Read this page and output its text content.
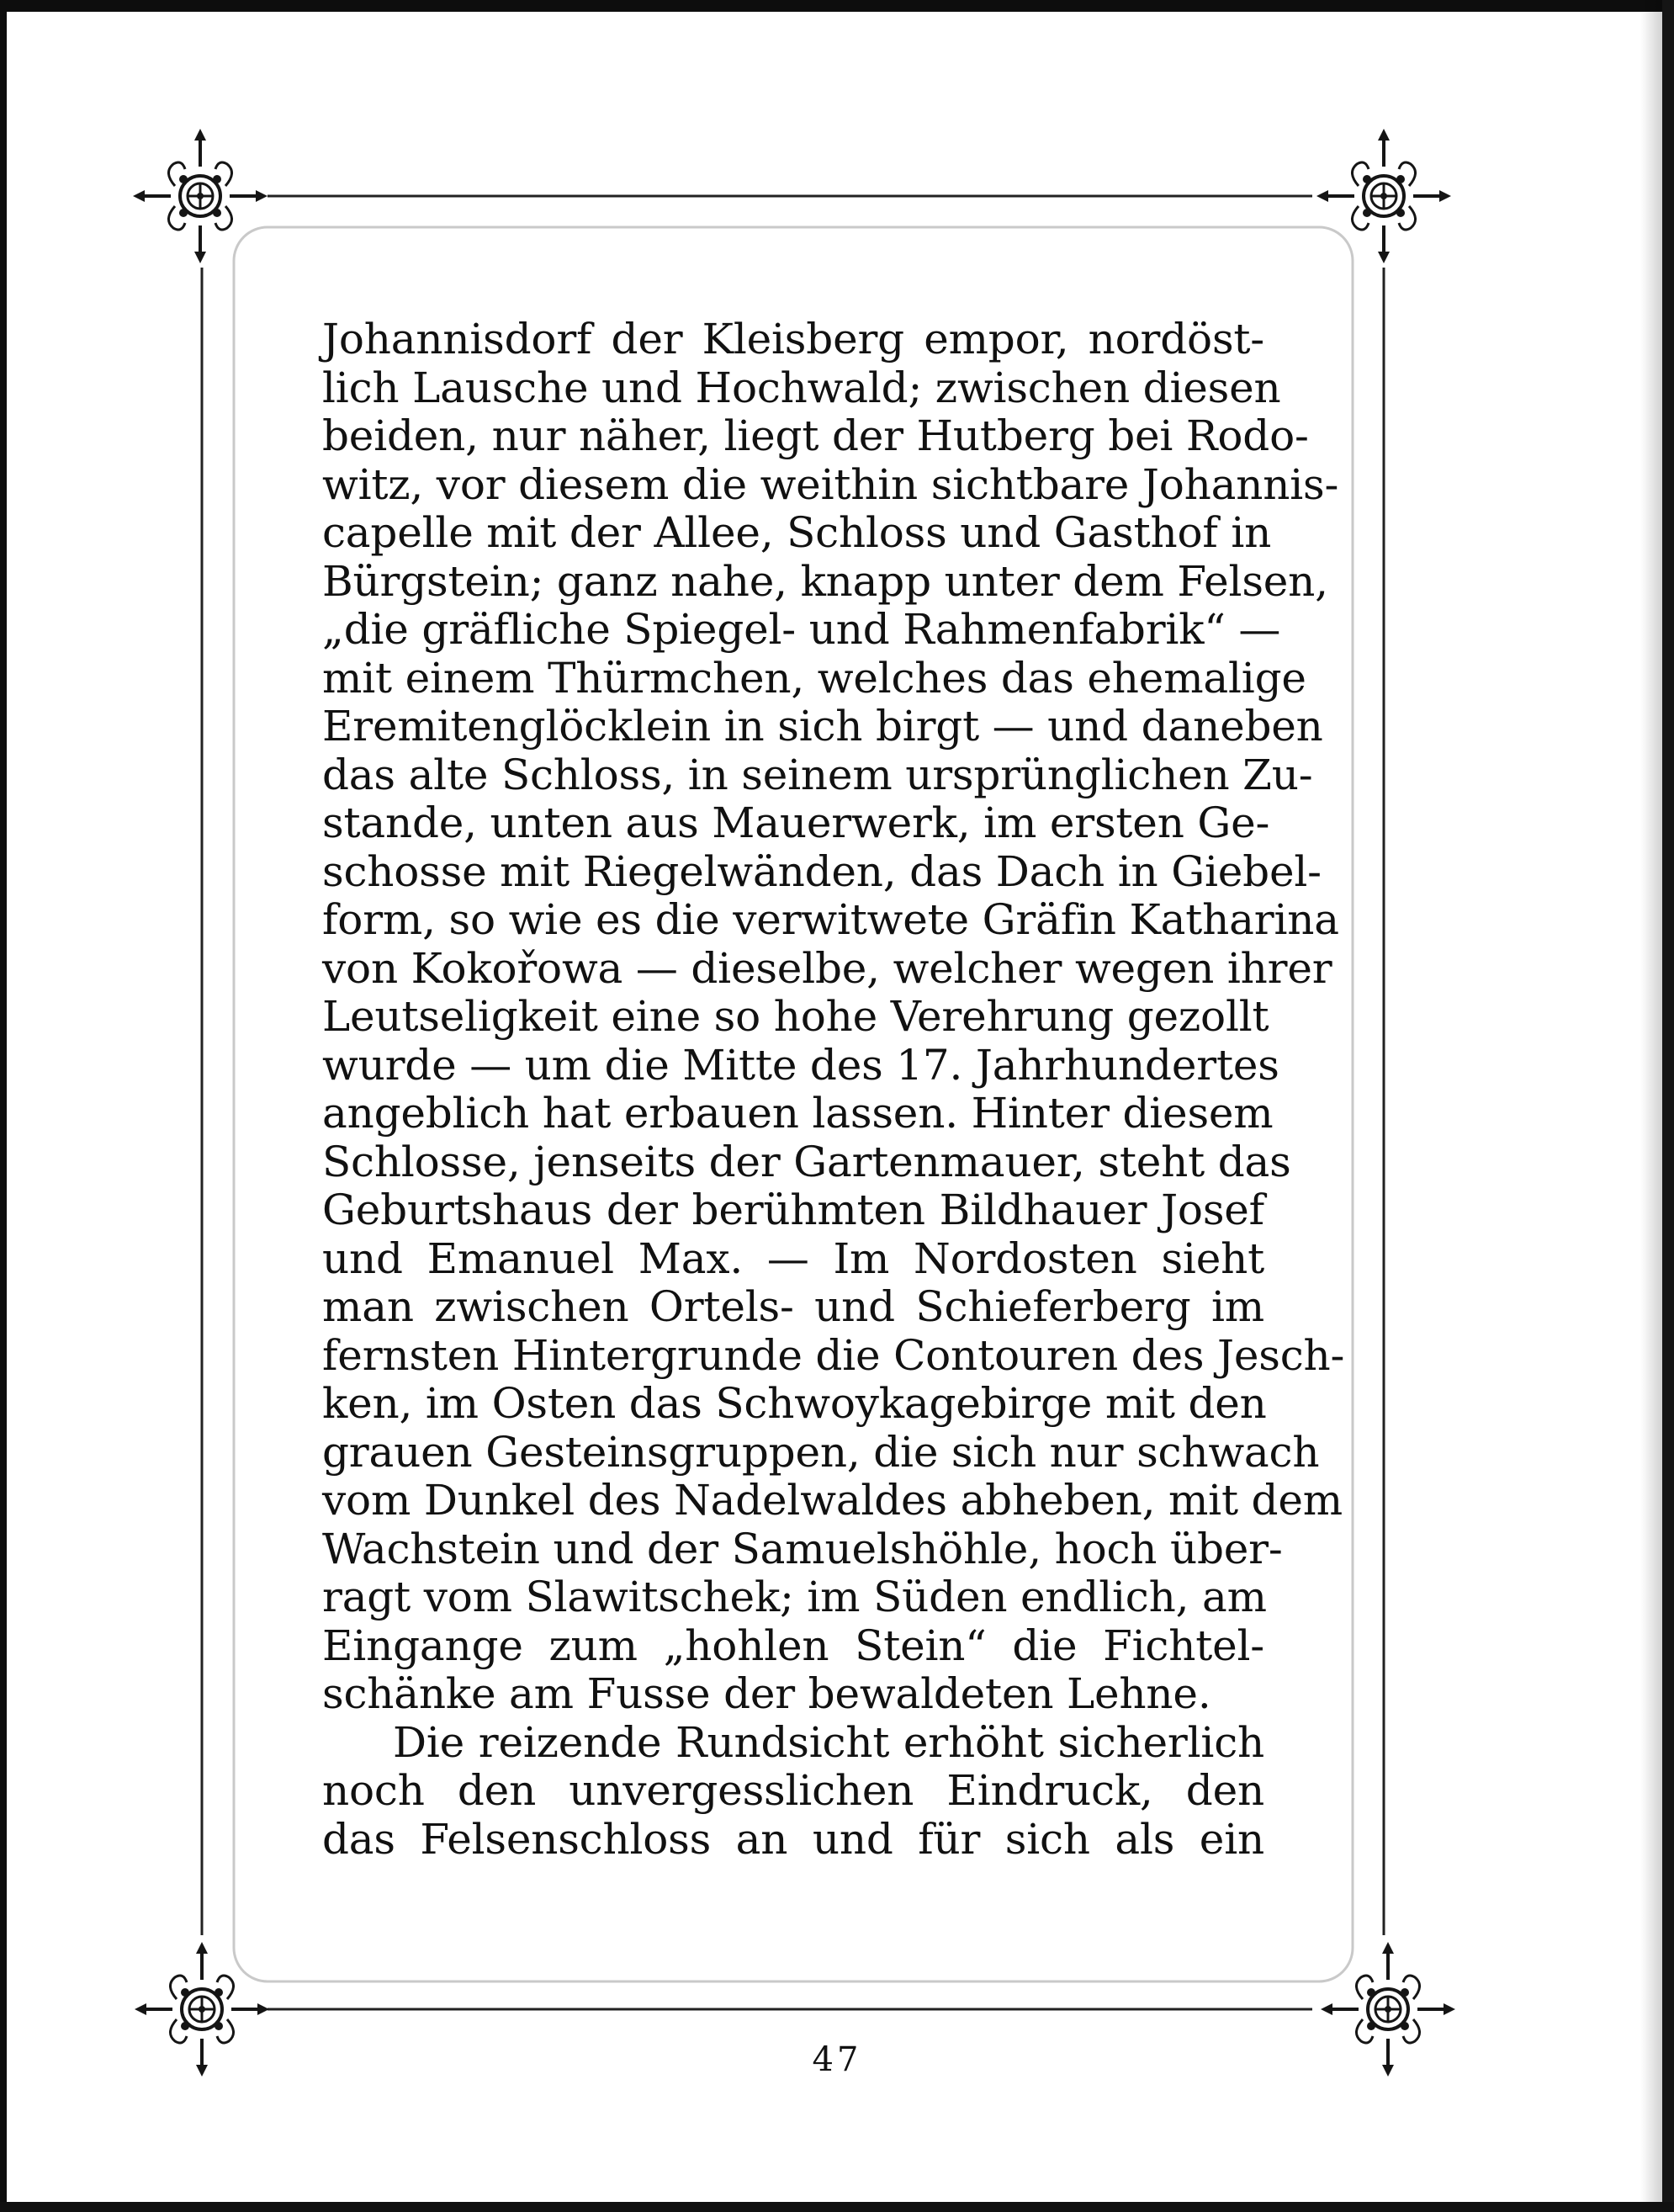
Johannisdorf der Kleisberg empor, nordöst-
lich Lausche und Hochwald; zwischen diesen
beiden, nur näher, liegt der Hutberg bei Rodo-
witz, vor diesem die weithin sichtbare Johannis-
capelle mit der Allee, Schloss und Gasthof in
Bürgstein; ganz nahe, knapp unter dem Felsen,
„die gräfliche Spiegel- und Rahmenfabrik“ —
mit einem Thürmchen, welches das ehemalige
Eremitenglöcklein in sich birgt — und daneben
das alte Schloss, in seinem ursprünglichen Zu-
stande, unten aus Mauerwerk, im ersten Ge-
schosse mit Riegelwänden, das Dach in Giebel-
form, so wie es die verwitwete Gräfin Katharina
von Kokořowa — dieselbe, welcher wegen ihrer
Leutseligkeit eine so hohe Verehrung gezollt
wurde — um die Mitte des 17. Jahrhundertes
angeblich hat erbauen lassen. Hinter diesem
Schlosse, jenseits der Gartenmauer, steht das
Geburtshaus der berühmten Bildhauer Josef
und Emanuel Max. — Im Nordosten sieht
man zwischen Ortels- und Schieferberg im
fernsten Hintergrunde die Contouren des Jesch-
ken, im Osten das Schwoykagebirge mit den
grauen Gesteinsgruppen, die sich nur schwach
vom Dunkel des Nadelwaldes abheben, mit dem
Wachstein und der Samuelshöhle, hoch über-
ragt vom Slawitschek; im Süden endlich, am
Eingange zum „hohlen Stein“ die Fichtel-
schänke am Fusse der bewaldeten Lehne.
Die reizende Rundsicht erhöht sicherlich
noch den unvergesslichen Eindruck, den
das Felsenschloss an und für sich als ein
47
